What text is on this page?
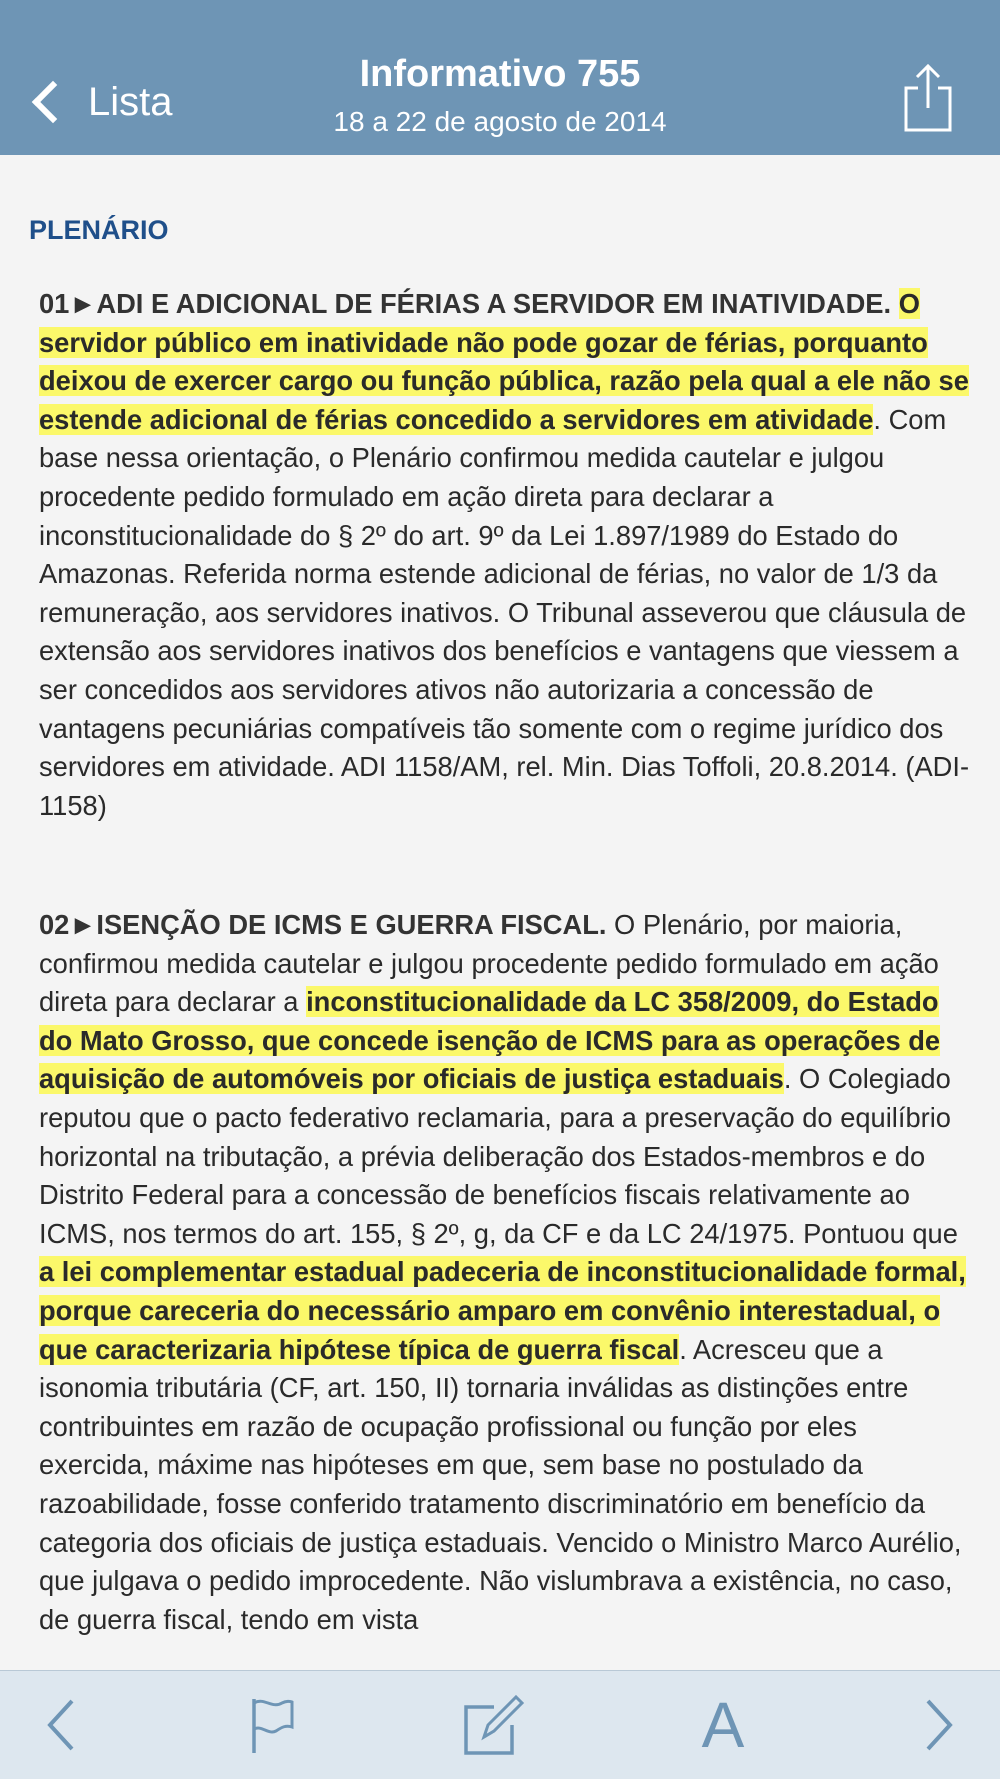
Lista
Informativo 755
18 a 22 de agosto de 2014
PLENÁRIO
01►ADI E ADICIONAL DE FÉRIAS A SERVIDOR EM INATIVIDADE. O servidor público em inatividade não pode gozar de férias, porquanto deixou de exercer cargo ou função pública, razão pela qual a ele não se estende adicional de férias concedido a servidores em atividade. Com base nessa orientação, o Plenário confirmou medida cautelar e julgou procedente pedido formulado em ação direta para declarar a inconstitucionalidade do § 2º do art. 9º da Lei 1.897/1989 do Estado do Amazonas. Referida norma estende adicional de férias, no valor de 1/3 da remuneração, aos servidores inativos. O Tribunal asseverou que cláusula de extensão aos servidores inativos dos benefícios e vantagens que viessem a ser concedidos aos servidores ativos não autorizaria a concessão de vantagens pecuniárias compatíveis tão somente com o regime jurídico dos servidores em atividade. ADI 1158/AM, rel. Min. Dias Toffoli, 20.8.2014. (ADI-1158)
02►ISENÇÃO DE ICMS E GUERRA FISCAL. O Plenário, por maioria, confirmou medida cautelar e julgou procedente pedido formulado em ação direta para declarar a inconstitucionalidade da LC 358/2009, do Estado do Mato Grosso, que concede isenção de ICMS para as operações de aquisição de automóveis por oficiais de justiça estaduais. O Colegiado reputou que o pacto federativo reclamaria, para a preservação do equilíbrio horizontal na tributação, a prévia deliberação dos Estados-membros e do Distrito Federal para a concessão de benefícios fiscais relativamente ao ICMS, nos termos do art. 155, § 2º, g, da CF e da LC 24/1975. Pontuou que a lei complementar estadual padeceria de inconstitucionalidade formal, porque careceria do necessário amparo em convênio interestadual, o que caracterizaria hipótese típica de guerra fiscal. Acresceu que a isonomia tributária (CF, art. 150, II) tornaria inválidas as distinções entre contribuintes em razão de ocupação profissional ou função por eles exercida, máxime nas hipóteses em que, sem base no postulado da razoabilidade, fosse conferido tratamento discriminatório em benefício da categoria dos oficiais de justiça estaduais. Vencido o Ministro Marco Aurélio, que julgava o pedido improcedente. Não vislumbrava a existência, no caso, de guerra fiscal, tendo em vista
A
